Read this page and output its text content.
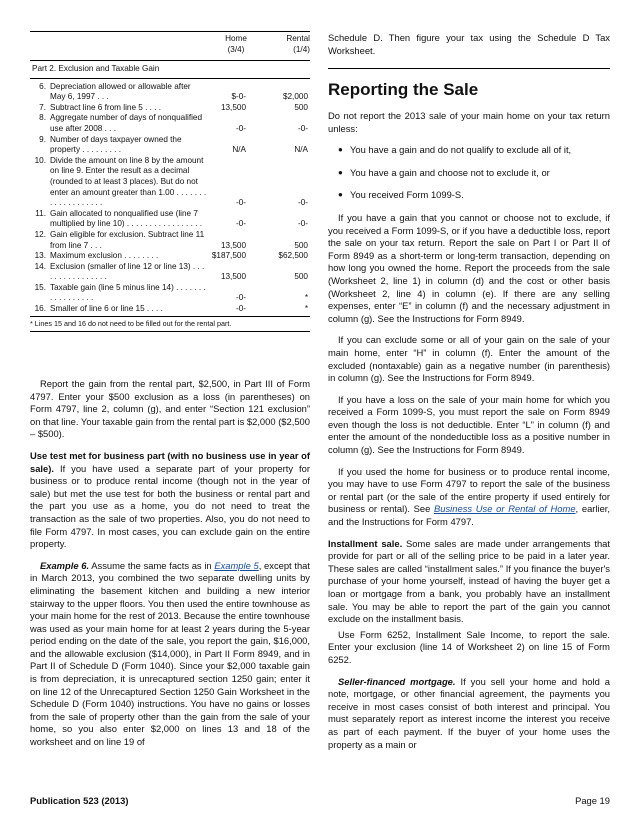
Home
(3/4)
Rental
(1/4)
Part 2. Exclusion and Taxable Gain
6. Depreciation allowed or allowable after May 6, 1997 . . .	$-0-	$2,000
7. Subtract line 6 from line 5 . . . .	13,500	500
8. Aggregate number of days of nonqualified use after 2008 . . .	-0-	-0-
9. Number of days taxpayer owned the property . . . . . . . . .	N/A	N/A
10. Divide the amount on line 8 by the amount on line 9. Enter the result as a decimal (rounded to at least 3 places). But do not enter an amount greater than 1.00 . . . . . . . . . . . . . . . . . . .	-0-	-0-
11. Gain allocated to nonqualified use (line 7 multiplied by line 10) . . . . . . . . . . . . . . . . .	-0-	-0-
12. Gain eligible for exclusion. Subtract line 11 from line 7 . . .	13,500	500
13. Maximum exclusion . . . . . . . .	$187,500	$62,500
14. Exclusion (smaller of line 12 or line 13) . . . . . . . . . . . . . . . .	13,500	500
15. Taxable gain (line 5 minus line 14) . . . . . . . . . . . . . . . . .	-0-	*
16. Smaller of line 6 or line 15 . . . .	-0-	*
* Lines 15 and 16 do not need to be filled out for the rental part.

Report the gain from the rental part, $2,500, in Part III of Form 4797. Enter your $500 exclusion as a loss (in parentheses) on Form 4797, line 2, column (g), and enter “Section 121 exclusion” on that line. Your taxable gain from the rental part is $2,000 ($2,500 – $500).

Use test met for business part (with no business use in year of sale). If you have used a separate part of your property for business or to produce rental income (though not in the year of sale) but met the use test for both the business or rental part and the part you use as a home, you do not need to treat the transaction as the sale of two properties. Also, you do not need to file Form 4797. In most cases, you can exclude gain on the entire property.

Example 6. Assume the same facts as in Example 5, except that in March 2013, you combined the two separate dwelling units by eliminating the basement kitchen and building a new interior stairway to the upper floors. You then used the entire townhouse as your main home for the rest of 2013. Because the entire townhouse was used as your main home for at least 2 years during the 5-year period ending on the date of the sale, you report the gain, $16,000, and the allowable exclusion ($14,000), in Part II Form 8949, and in Part II of Schedule D (Form 1040). Since your $2,000 taxable gain is from depreciation, it is unrecaptured section 1250 gain; enter it on line 12 of the Unrecaptured Section 1250 Gain Worksheet in the Schedule D (Form 1040) instructions. You have no gains or losses from the sale of property other than the gain from the sale of your home, so you also enter $2,000 on lines 13 and 18 of the worksheet and on line 19 of

Schedule D. Then figure your tax using the Schedule D Tax Worksheet.

Reporting the Sale

Do not report the 2013 sale of your main home on your tax return unless:

● You have a gain and do not qualify to exclude all of it,
● You have a gain and choose not to exclude it, or
● You received Form 1099-S.

If you have a gain that you cannot or choose not to exclude, if you received a Form 1099-S, or if you have a deductible loss, report the sale on your tax return. Report the sale on Part I or Part II of Form 8949 as a short-term or long-term transaction, depending on how long you owned the home. Report the proceeds from the sale (Worksheet 2, line 1) in column (d) and the cost or other basis (Worksheet 2, line 4) in column (e). If there are any selling expenses, enter “E” in column (f) and the necessary adjustment in column (g). See the Instructions for Form 8949.

If you can exclude some or all of your gain on the sale of your main home, enter “H” in column (f). Enter the amount of the excluded (nontaxable) gain as a negative number (in parenthesis) in column (g). See the Instructions for Form 8949.

If you have a loss on the sale of your main home for which you received a Form 1099-S, you must report the sale on Form 8949 even though the loss is not deductible. Enter “L” in column (f) and enter the amount of the nondeductible loss as a positive number in column (g). See the Instructions for Form 8949.

If you used the home for business or to produce rental income, you may have to use Form 4797 to report the sale of the business or rental part (or the sale of the entire property if used entirely for business or rental). See Business Use or Rental of Home, earlier, and the Instructions for Form 4797.

Installment sale. Some sales are made under arrangements that provide for part or all of the selling price to be paid in a later year. These sales are called “installment sales.” If you finance the buyer's purchase of your home yourself, instead of having the buyer get a loan or mortgage from a bank, you probably have an installment sale. You may be able to report the part of the gain you cannot exclude on the installment basis.

Use Form 6252, Installment Sale Income, to report the sale. Enter your exclusion (line 14 of Worksheet 2) on line 15 of Form 6252.

Seller-financed mortgage. If you sell your home and hold a note, mortgage, or other financial agreement, the payments you receive in most cases consist of both interest and principal. You must separately report as interest income the interest you receive as part of each payment. If the buyer of your home uses the property as a main or

Publication 523 (2013)	Page 19
